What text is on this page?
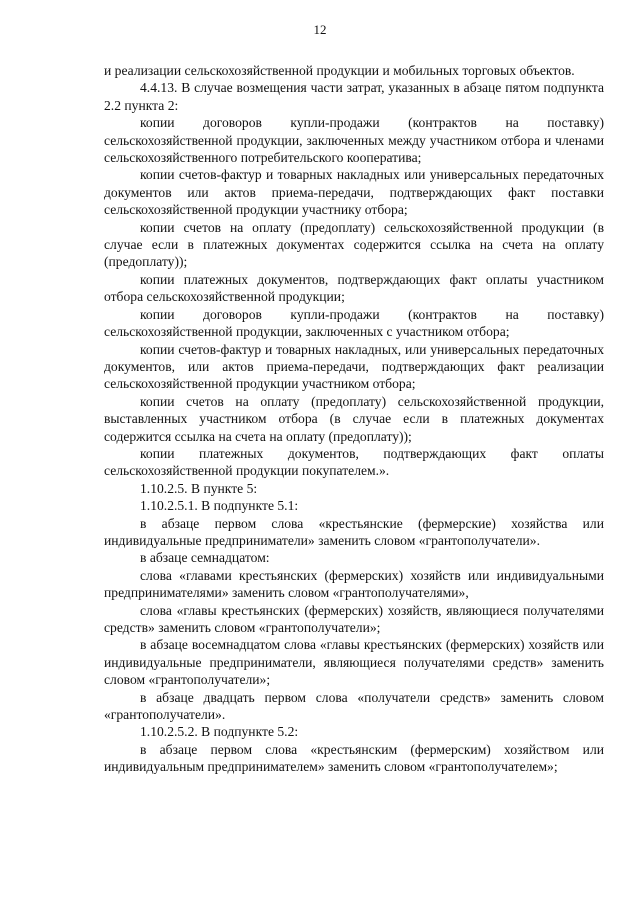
12

и реализации сельскохозяйственной продукции и мобильных торговых объектов.

4.4.13. В случае возмещения части затрат, указанных в абзаце пятом подпункта 2.2 пункта 2:

копии договоров купли-продажи (контрактов на поставку) сельскохозяйственной продукции, заключенных между участником отбора и членами сельскохозяйственного потребительского кооператива;

копии счетов-фактур и товарных накладных или универсальных передаточных документов или актов приема-передачи, подтверждающих факт поставки сельскохозяйственной продукции участнику отбора;

копии счетов на оплату (предоплату) сельскохозяйственной продукции (в случае если в платежных документах содержится ссылка на счета на оплату (предоплату));

копии платежных документов, подтверждающих факт оплаты участником отбора сельскохозяйственной продукции;

копии договоров купли-продажи (контрактов на поставку) сельскохозяйственной продукции, заключенных с участником отбора;

копии счетов-фактур и товарных накладных, или универсальных передаточных документов, или актов приема-передачи, подтверждающих факт реализации сельскохозяйственной продукции участником отбора;

копии счетов на оплату (предоплату) сельскохозяйственной продукции, выставленных участником отбора (в случае если в платежных документах содержится ссылка на счета на оплату (предоплату));

копии платежных документов, подтверждающих факт оплаты сельскохозяйственной продукции покупателем.».

1.10.2.5. В пункте 5:

1.10.2.5.1. В подпункте 5.1:

в абзаце первом слова «крестьянские (фермерские) хозяйства или индивидуальные предприниматели» заменить словом «грантополучатели».

в абзаце семнадцатом:

слова «главами крестьянских (фермерских) хозяйств или индивидуальными предпринимателями» заменить словом «грантополучателями»,

слова «главы крестьянских (фермерских) хозяйств, являющиеся получателями средств» заменить словом «грантополучатели»;

в абзаце восемнадцатом слова «главы крестьянских (фермерских) хозяйств или индивидуальные предприниматели, являющиеся получателями средств» заменить словом «грантополучатели»;

в абзаце двадцать первом слова «получатели средств» заменить словом «грантополучатели».

1.10.2.5.2. В подпункте 5.2:

в абзаце первом слова «крестьянским (фермерским) хозяйством или индивидуальным предпринимателем» заменить словом «грантополучателем»;
